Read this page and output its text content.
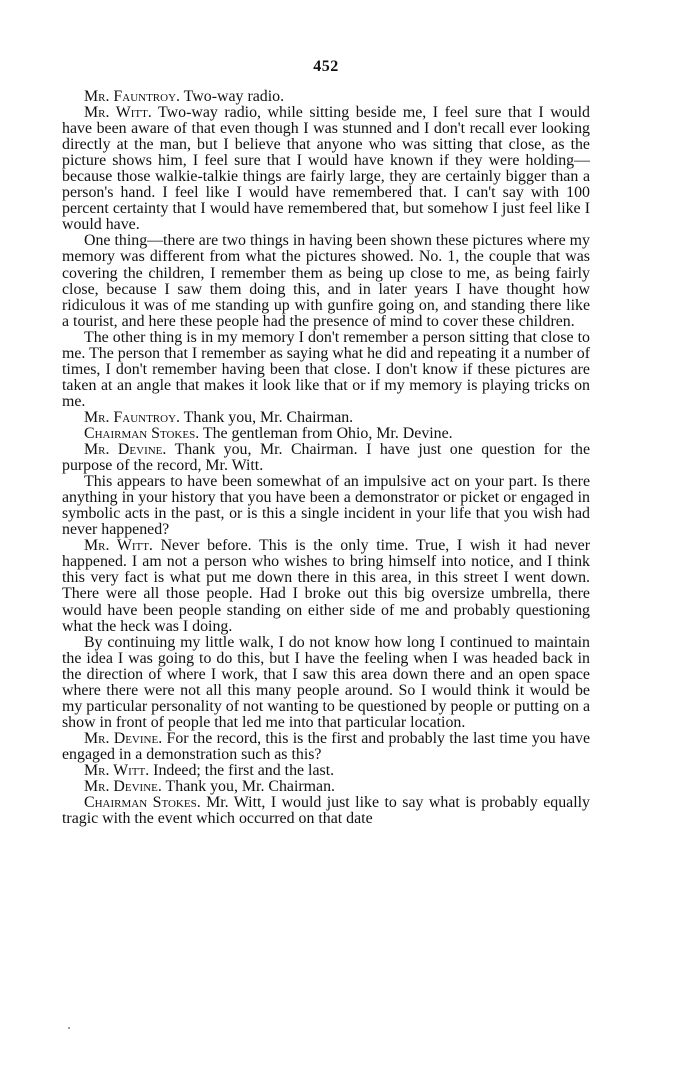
452

Mr. Fauntroy. Two-way radio.

Mr. Witt. Two-way radio, while sitting beside me, I feel sure that I would have been aware of that even though I was stunned and I don't recall ever looking directly at the man, but I believe that anyone who was sitting that close, as the picture shows him, I feel sure that I would have known if they were holding—because those walkie-talkie things are fairly large, they are certainly bigger than a person's hand. I feel like I would have remembered that. I can't say with 100 percent certainty that I would have remembered that, but somehow I just feel like I would have.

One thing—there are two things in having been shown these pictures where my memory was different from what the pictures showed. No. 1, the couple that was covering the children, I remember them as being up close to me, as being fairly close, because I saw them doing this, and in later years I have thought how ridiculous it was of me standing up with gunfire going on, and standing there like a tourist, and here these people had the presence of mind to cover these children.

The other thing is in my memory I don't remember a person sitting that close to me. The person that I remember as saying what he did and repeating it a number of times, I don't remember having been that close. I don't know if these pictures are taken at an angle that makes it look like that or if my memory is playing tricks on me.

Mr. Fauntroy. Thank you, Mr. Chairman.

Chairman Stokes. The gentleman from Ohio, Mr. Devine.

Mr. Devine. Thank you, Mr. Chairman. I have just one question for the purpose of the record, Mr. Witt.

This appears to have been somewhat of an impulsive act on your part. Is there anything in your history that you have been a demonstrator or picket or engaged in symbolic acts in the past, or is this a single incident in your life that you wish had never happened?

Mr. Witt. Never before. This is the only time. True, I wish it had never happened. I am not a person who wishes to bring himself into notice, and I think this very fact is what put me down there in this area, in this street I went down. There were all those people. Had I broke out this big oversize umbrella, there would have been people standing on either side of me and probably questioning what the heck was I doing.

By continuing my little walk, I do not know how long I continued to maintain the idea I was going to do this, but I have the feeling when I was headed back in the direction of where I work, that I saw this area down there and an open space where there were not all this many people around. So I would think it would be my particular personality of not wanting to be questioned by people or putting on a show in front of people that led me into that particular location.

Mr. Devine. For the record, this is the first and probably the last time you have engaged in a demonstration such as this?

Mr. Witt. Indeed; the first and the last.

Mr. Devine. Thank you, Mr. Chairman.

Chairman Stokes. Mr. Witt, I would just like to say what is probably equally tragic with the event which occurred on that date
